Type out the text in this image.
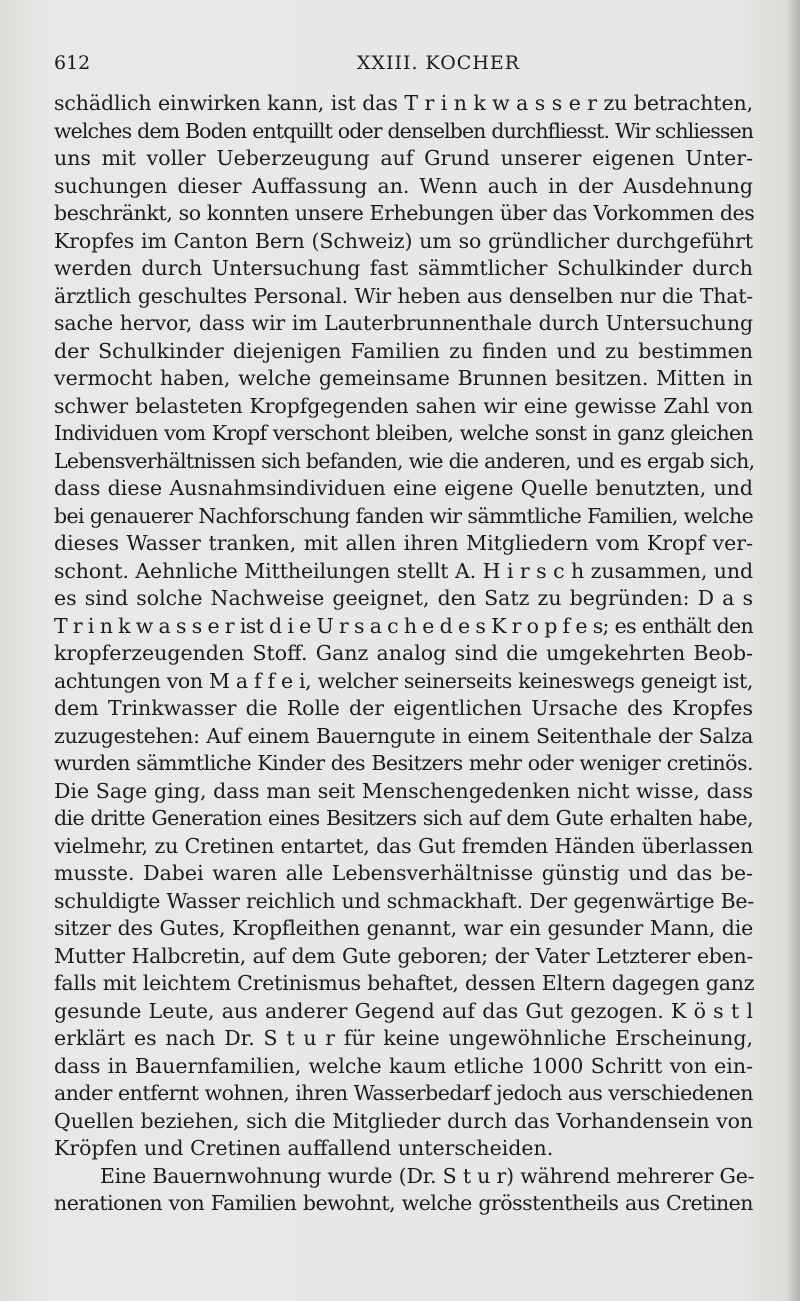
612	XXIII. KOCHER
schädlich einwirken kann, ist das T r i n k w a s s e r zu betrachten,
welches dem Boden entquillt oder denselben durchfliesst. Wir schliessen
uns mit voller Ueberzeugung auf Grund unserer eigenen Unter-
suchungen dieser Auffassung an. Wenn auch in der Ausdehnung
beschränkt, so konnten unsere Erhebungen über das Vorkommen des
Kropfes im Canton Bern (Schweiz) um so gründlicher durchgeführt
werden durch Untersuchung fast sämmtlicher Schulkinder durch
ärztlich geschultes Personal. Wir heben aus denselben nur die That-
sache hervor, dass wir im Lauterbrunnenthale durch Untersuchung
der Schulkinder diejenigen Familien zu finden und zu bestimmen
vermocht haben, welche gemeinsame Brunnen besitzen. Mitten in
schwer belasteten Kropfgegenden sahen wir eine gewisse Zahl von
Individuen vom Kropf verschont bleiben, welche sonst in ganz gleichen
Lebensverhältnissen sich befanden, wie die anderen, und es ergab sich,
dass diese Ausnahmsindividuen eine eigene Quelle benutzten, und
bei genauerer Nachforschung fanden wir sämmtliche Familien, welche
dieses Wasser tranken, mit allen ihren Mitgliedern vom Kropf ver-
schont. Aehnliche Mittheilungen stellt A. H i r s c h zusammen, und
es sind solche Nachweise geeignet, den Satz zu begründen: D a s
T r i n k w a s s e r ist d i e U r s a c h e d e s K r o p f e s; es enthält den
kropferzeugenden Stoff. Ganz analog sind die umgekehrten Beob-
achtungen von M a f f e i, welcher seinerseits keineswegs geneigt ist,
dem Trinkwasser die Rolle der eigentlichen Ursache des Kropfes
zuzugestehen: Auf einem Bauerngute in einem Seitenthale der Salza
wurden sämmtliche Kinder des Besitzers mehr oder weniger cretinös.
Die Sage ging, dass man seit Menschengedenken nicht wisse, dass
die dritte Generation eines Besitzers sich auf dem Gute erhalten habe,
vielmehr, zu Cretinen entartet, das Gut fremden Händen überlassen
musste. Dabei waren alle Lebensverhältnisse günstig und das be-
schuldigte Wasser reichlich und schmackhaft. Der gegenwärtige Be-
sitzer des Gutes, Kropfleithen genannt, war ein gesunder Mann, die
Mutter Halbcretin, auf dem Gute geboren; der Vater Letzterer eben-
falls mit leichtem Cretinismus behaftet, dessen Eltern dagegen ganz
gesunde Leute, aus anderer Gegend auf das Gut gezogen. K ö s t l
erklärt es nach Dr. S t u r für keine ungewöhnliche Erscheinung,
dass in Bauernfamilien, welche kaum etliche 1000 Schritt von ein-
ander entfernt wohnen, ihren Wasserbedarf jedoch aus verschiedenen
Quellen beziehen, sich die Mitglieder durch das Vorhandensein von
Kröpfen und Cretinen auffallend unterscheiden.
Eine Bauernwohnung wurde (Dr. S t u r) während mehrerer Ge-
nerationen von Familien bewohnt, welche grösstentheils aus Cretinen
